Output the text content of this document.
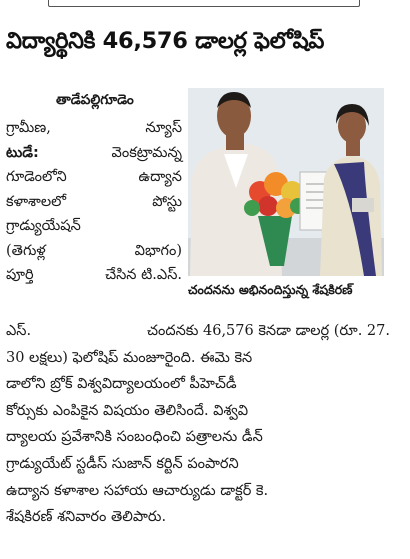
విద్యార్థినికి 46,576 డాలర్ల ఫెలోషిప్
తాడేపల్లిగూడెం
గ్రామీణ,	న్యూస్
టుడే:	వెంకట్రామన్న
గూడెంలోని	ఉద్యాన
కళాశాలలో	పోస్టు
గ్రాడ్యుయేషన్
(తెగుళ్ల	విభాగం)
పూర్తి	చేసిన టి.ఎస్.
చందనను అభినందిస్తున్న శేషకిరణ్
ఎస్.	చందనకు 46,576 కెనడా డాలర్ల (రూ. 27.
30 లక్షలు) ఫెలోషిప్ మంజూరైంది. ఈమె కెన
డాలోని బ్రోక్ విశ్వవిద్యాలయంలో పీహెచ్‌డీ
కోర్సుకు ఎంపికైన విషయం తెలిసిందే. విశ్వవి
ద్యాలయ ప్రవేశానికి సంబంధించి పత్రాలను డీన్
గ్రాడ్యుయేట్ స్టడీస్ సుజాన్ కర్టిన్ పంపారని
ఉద్యాన కళాశాల సహాయ ఆచార్యుడు డాక్టర్ కె.
శేషకిరణ్ శనివారం తెలిపారు.
